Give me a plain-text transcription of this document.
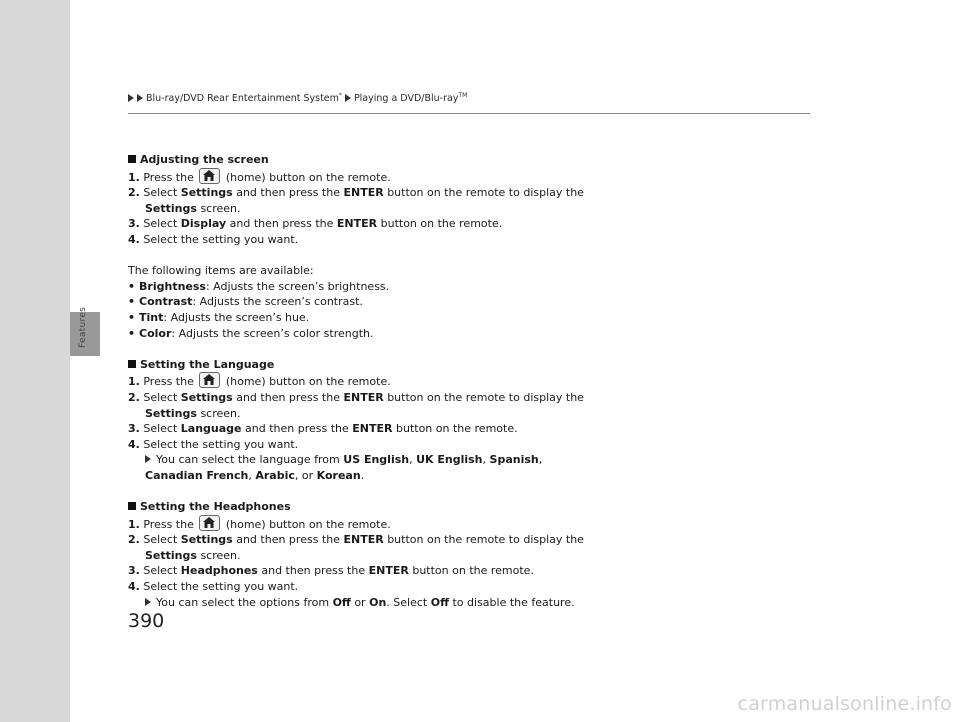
Features
Blu-ray/DVD Rear Entertainment System* Playing a DVD/Blu-ray™

Adjusting the screen

1. Press the	(home) button on the remote.

2. Select Settings and then press the ENTER button on the remote to display the

Settings screen.

3. Select Display and then press the ENTER button on the remote.

4. Select the setting you want.

The following items are available:

• Brightness: Adjusts the screen’s brightness.

• Contrast: Adjusts the screen’s contrast.

• Tint: Adjusts the screen’s hue.

• Color: Adjusts the screen’s color strength.

Setting the Language

1. Press the	(home) button on the remote.

2. Select Settings and then press the ENTER button on the remote to display the

Settings screen.

3. Select Language and then press the ENTER button on the remote.

4. Select the setting you want.

You can select the language from US English, UK English, Spanish,

Canadian French, Arabic, or Korean.

Setting the Headphones

1. Press the	(home) button on the remote.

2. Select Settings and then press the ENTER button on the remote to display the

Settings screen.

3. Select Headphones and then press the ENTER button on the remote.

4. Select the setting you want.

You can select the options from Off or On. Select Off to disable the feature.

390
carmanualsonline.info
